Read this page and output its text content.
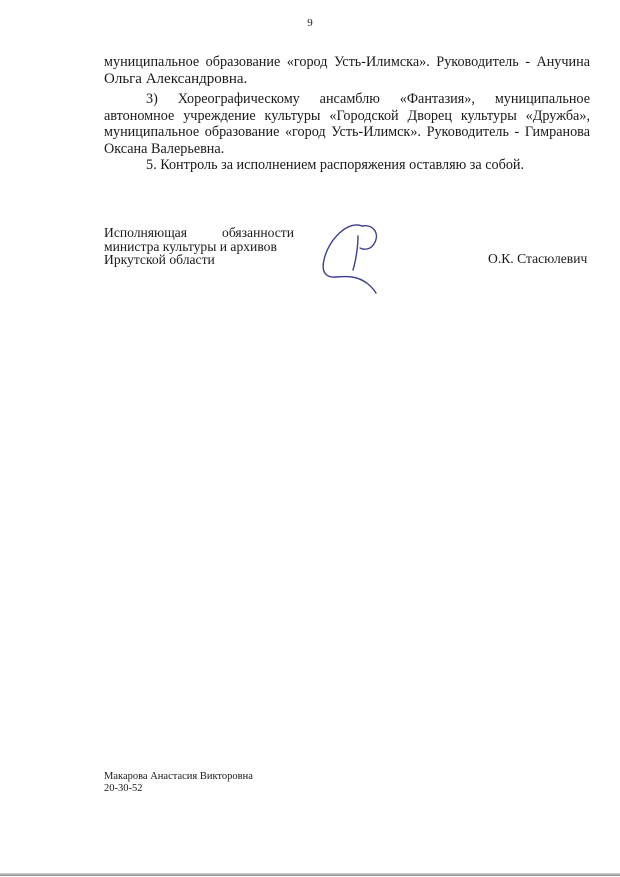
9

муниципальное образование «город Усть-Илимска». Руководитель - Анучина

Ольга Александровна.

3) Хореографическому ансамблю «Фантазия», муниципальное автономное учреждение культуры «Городской Дворец культуры «Дружба», муниципальное образование «город Усть-Илимск». Руководитель - Гимранова Оксана Валерьевна.

5. Контроль за исполнением распоряжения оставляю за собой.

Исполняющая обязанности
министра культуры и архивов
Иркутской области	О.К. Стасюлевич
Макарова Анастасия Викторовна
20-30-52
